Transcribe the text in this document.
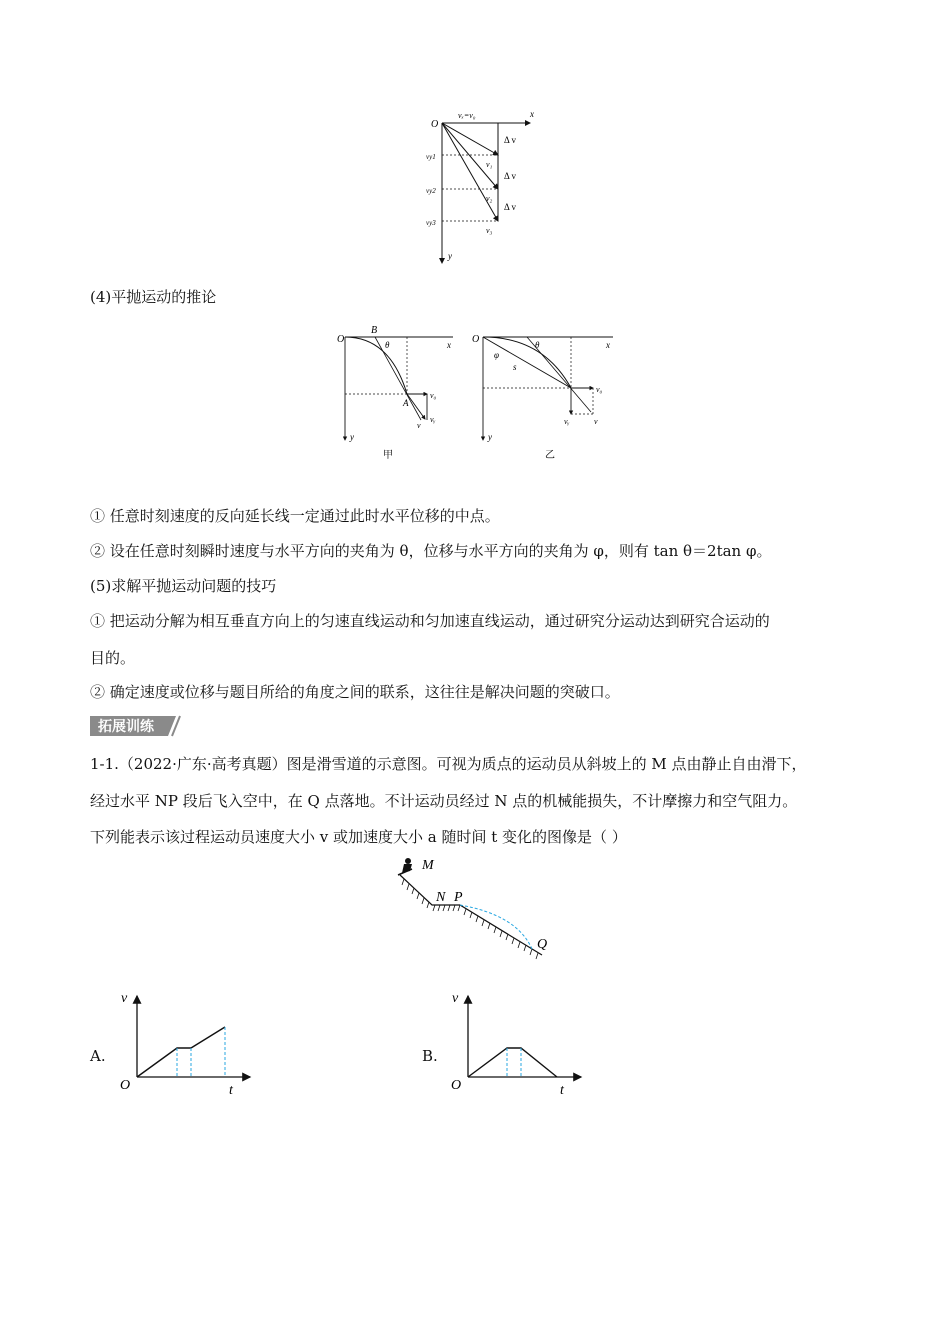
O
x
y
vₓ=v₀
Δ v
Δ v
Δ v
vy1
vy2
vy3
v₁
v₂
v₃
(4)平抛运动的推论
O
B
θ
A
x
y
v₀
vᵧ
v
甲
O	θ
φ
s
x
y
v₀
vᵧ	v
乙
① 任意时刻速度的反向延长线一定通过此时水平位移的中点。
② 设在任意时刻瞬时速度与水平方向的夹角为 θ，位移与水平方向的夹角为 φ，则有 tan θ＝2tan φ。
(5)求解平抛运动问题的技巧
① 把运动分解为相互垂直方向上的匀速直线运动和匀加速直线运动，通过研究分运动达到研究合运动的
目的。
② 确定速度或位移与题目所给的角度之间的联系，这往往是解决问题的突破口。
拓展训练
1-1.（2022·广东·高考真题）图是滑雪道的示意图。可视为质点的运动员从斜坡上的 M 点由静止自由滑下，
经过水平 NP 段后飞入空中，在 Q 点落地。不计运动员经过 N 点的机械能损失，不计摩擦力和空气阻力。
下列能表示该过程运动员速度大小 v 或加速度大小 a 随时间 t 变化的图像是（ ）
M
N P
Q
A.
v
t
O
B.
v
t
O
